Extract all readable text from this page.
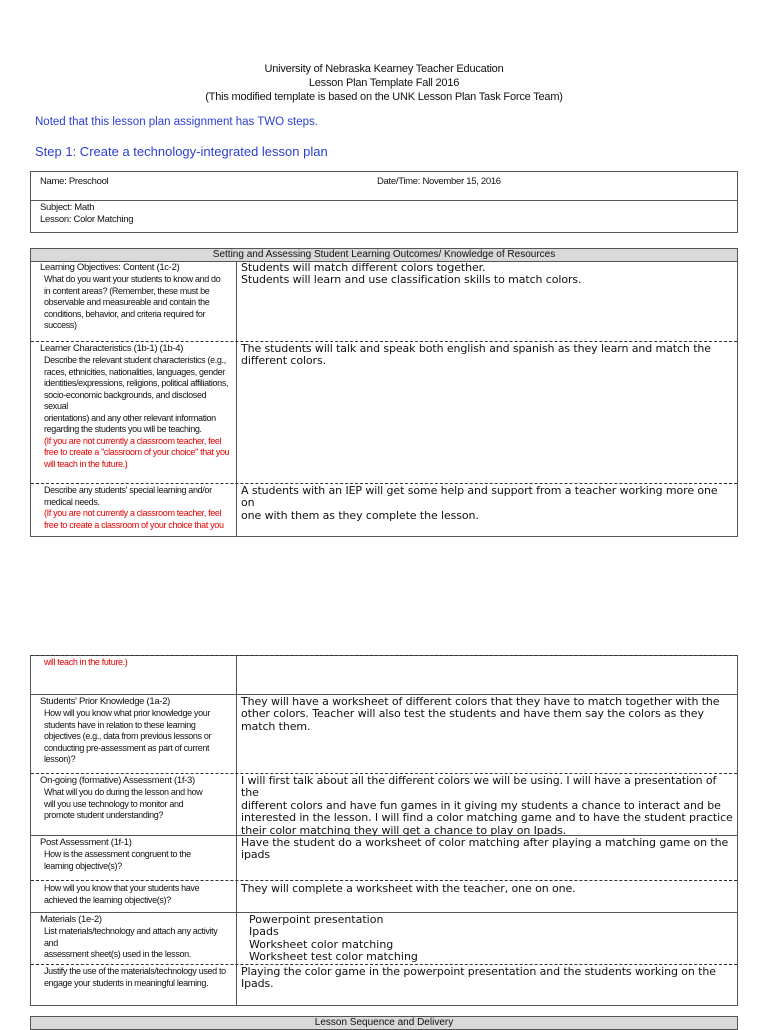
University of Nebraska Kearney Teacher Education
Lesson Plan Template Fall 2016
(This modified template is based on the UNK Lesson Plan Task Force Team)
Noted that this lesson plan assignment has TWO steps.
Step 1: Create a technology-integrated lesson plan
Name: Preschool	Date/Time: November 15, 2016
Subject: Math
Lesson: Color Matching
Setting and Assessing Student Learning Outcomes/ Knowledge of Resources
Learning Objectives: Content (1c-2)
What do you want your students to know and do
in content areas? (Remember, these must be
observable and measureable and contain the
conditions, behavior, and criteria required for
success)
Students will match different colors together.
Students will learn and use classification skills to match colors.
Learner Characteristics (1b-1) (1b-4)
Describe the relevant student characteristics (e.g.,
races, ethnicities, nationalities, languages, gender
identities/expressions, religions, political affiliations,
socio-economic backgrounds, and disclosed sexual
orientations) and any other relevant information
regarding the students you will be teaching.
(If you are not currently a classroom teacher, feel
free to create a "classroom of your choice" that you
will teach in the future.)
The students will talk and speak both english and spanish as they learn and match the
different colors.
Describe any students' special learning and/or
medical needs.
(If you are not currently a classroom teacher, feel
free to create a classroom of your choice that you
A students with an IEP will get some help and support from a teacher working more one on
one with them as they complete the lesson.
will teach in the future.)
Students' Prior Knowledge (1a-2)
How will you know what prior knowledge your
students have in relation to these learning
objectives (e.g., data from previous lessons or
conducting pre-assessment as part of current
lesson)?
They will have a worksheet of different colors that they have to match together with the
other colors. Teacher will also test the students and have them say the colors as they
match them.
On-going (formative) Assessment (1f-3)
What will you do during the lesson and how
will you use technology to monitor and
promote student understanding?
I will first talk about all the different colors we will be using. I will have a presentation of the
different colors and have fun games in it giving my students a chance to interact and be
interested in the lesson. I will find a color matching game and to have the student practice
their color matching they will get a chance to play on Ipads.
Post Assessment (1f-1)
How is the assessment congruent to the
learning objective(s)?
Have the student do a worksheet of color matching after playing a matching game on the
ipads
How will you know that your students have
achieved the learning objective(s)?
They will complete a worksheet with the teacher, one on one.
Materials (1e-2)
List materials/technology and attach any activity and
assessment sheet(s) used in the lesson.
Powerpoint presentation
Ipads
Worksheet color matching
Worksheet test color matching
Justify the use of the materials/technology used to
engage your students in meaningful learning.
Playing the color game in the powerpoint presentation and the students working on the
Ipads.
Lesson Sequence and Delivery
